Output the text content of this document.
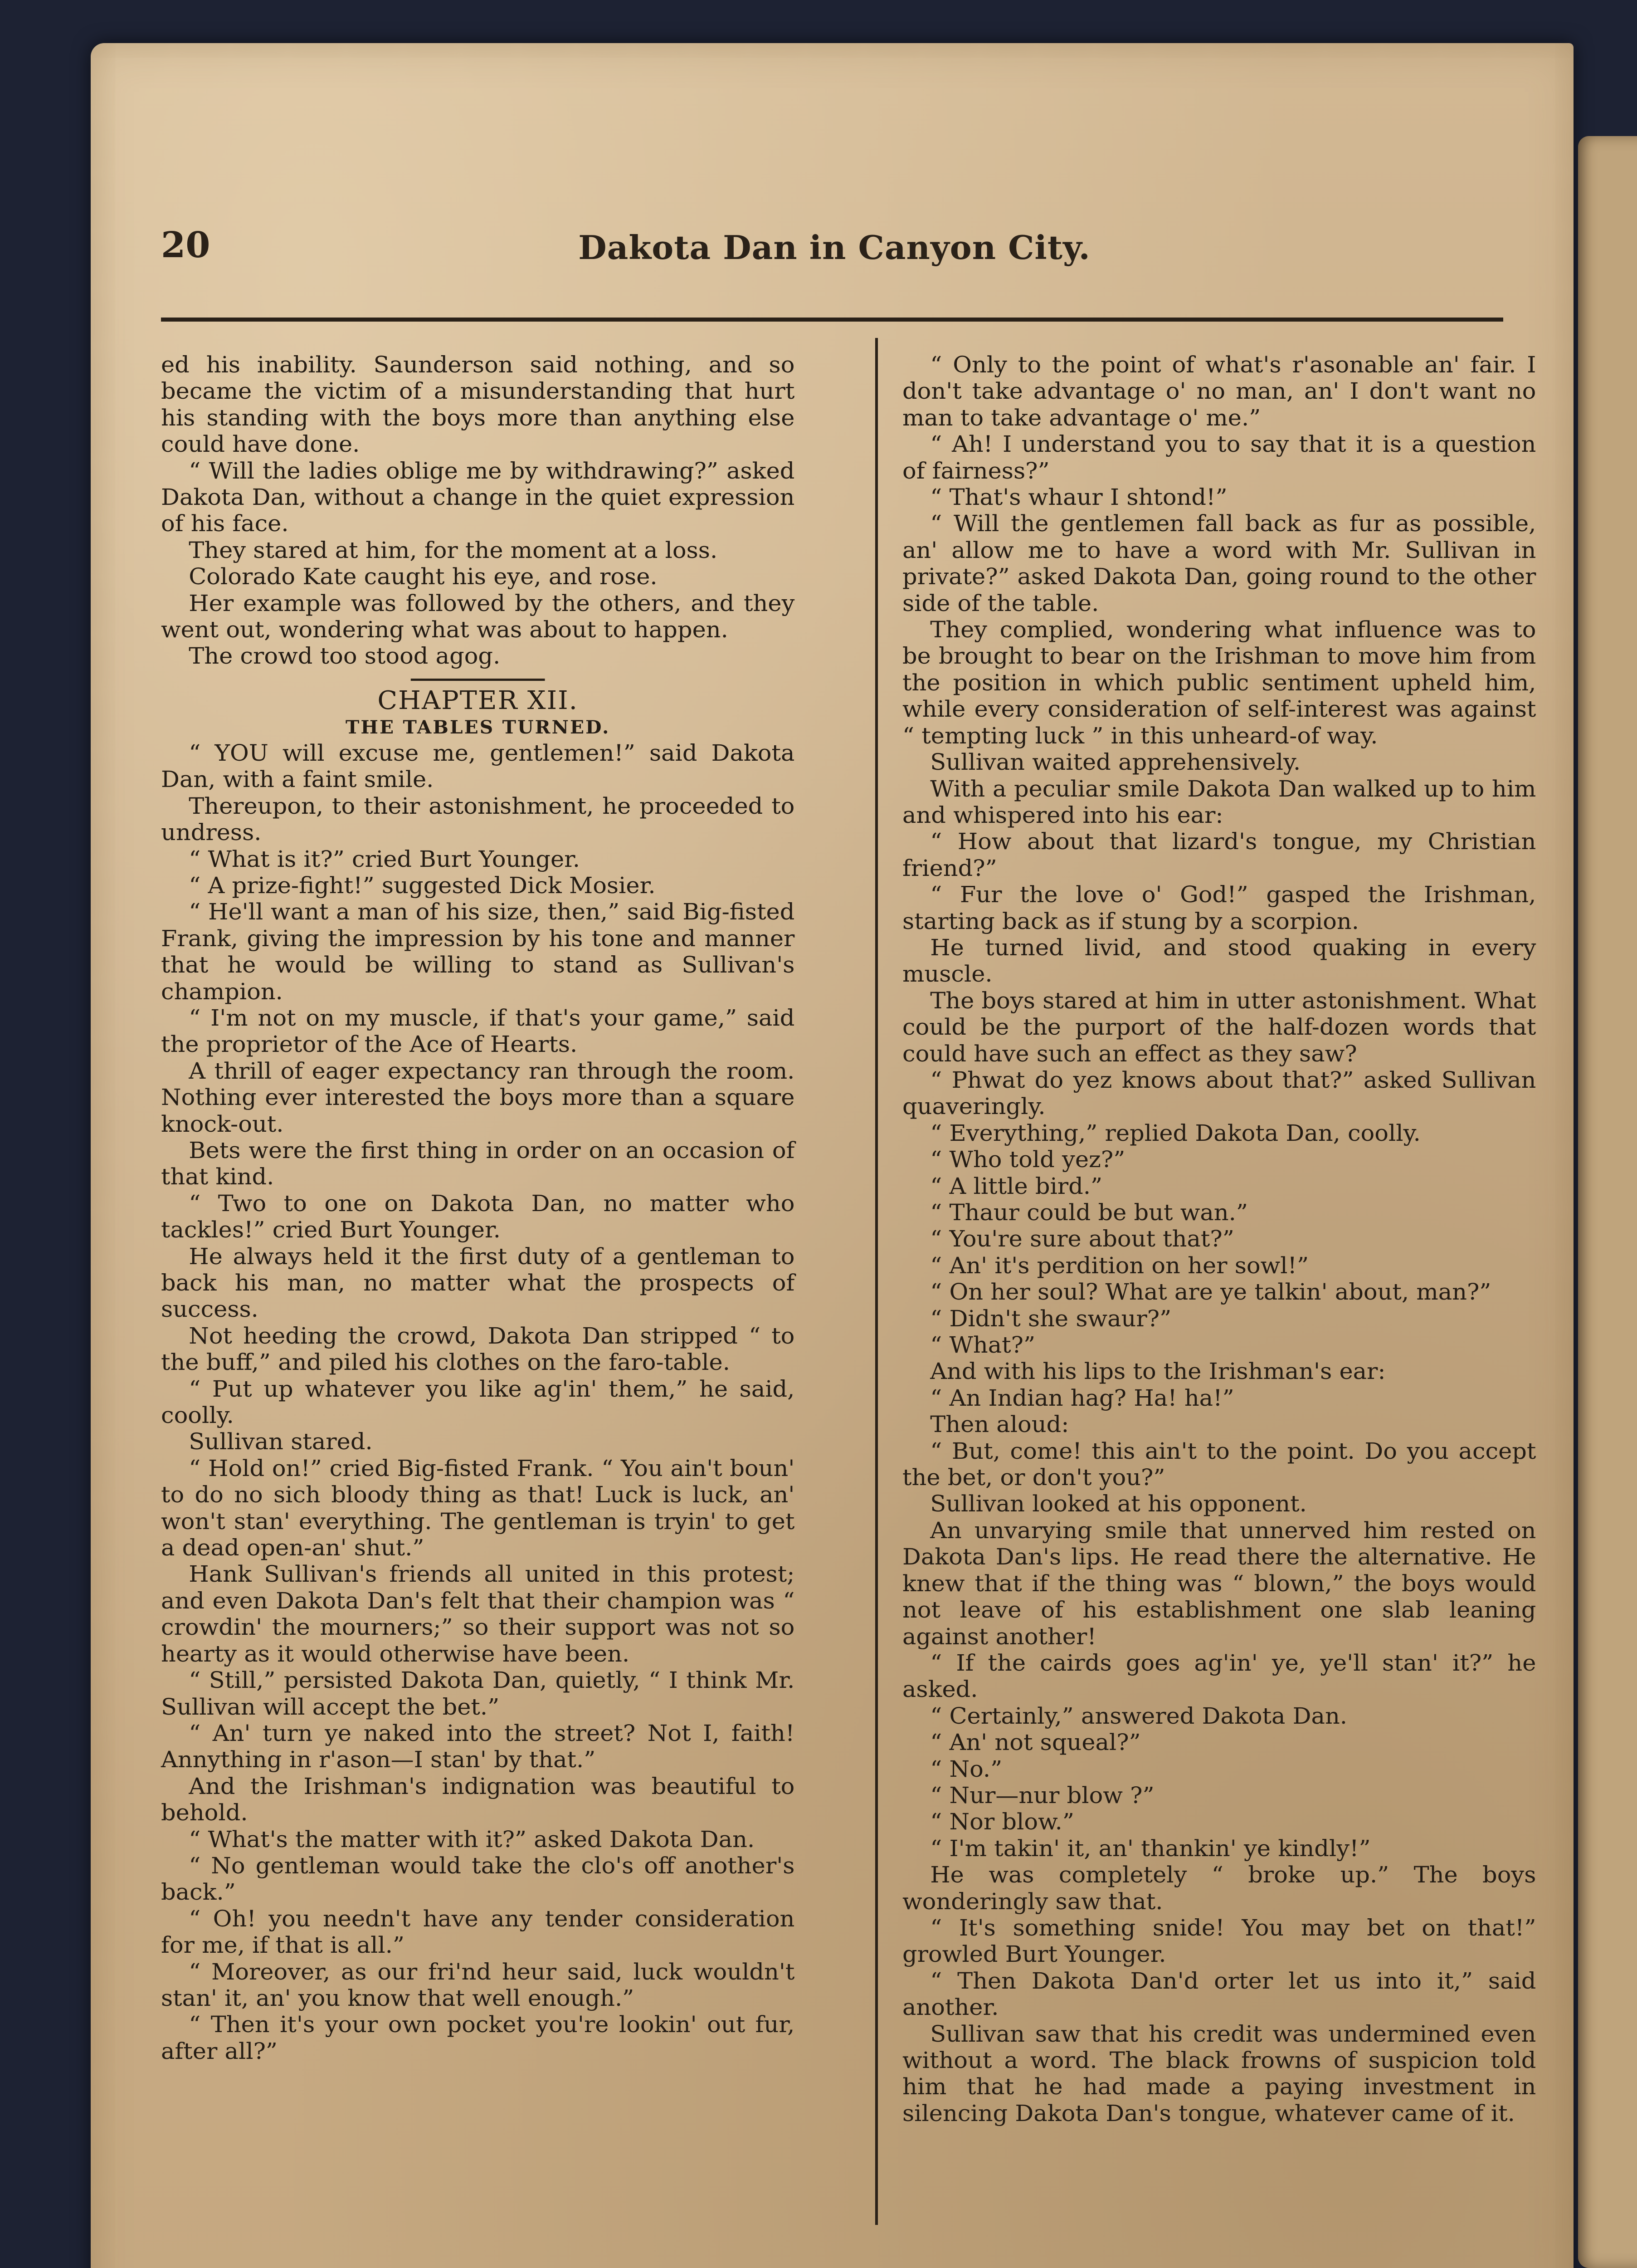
20	Dakota Dan in Canyon City.

ed his inability. Saunderson said nothing, and so became the victim of a misunderstanding that hurt his standing with the boys more than anything else could have done.

“ Will the ladies oblige me by withdrawing?” asked Dakota Dan, without a change in the quiet expression of his face.

They stared at him, for the moment at a loss.

Colorado Kate caught his eye, and rose.

Her example was followed by the others, and they went out, wondering what was about to happen.

The crowd too stood agog.

CHAPTER XII.

THE TABLES TURNED.

“ YOU will excuse me, gentlemen!” said Dakota Dan, with a faint smile.

Thereupon, to their astonishment, he proceeded to undress.

“ What is it?” cried Burt Younger.

“ A prize-fight!” suggested Dick Mosier.

“ He'll want a man of his size, then,” said Big-fisted Frank, giving the impression by his tone and manner that he would be willing to stand as Sullivan's champion.

“ I'm not on my muscle, if that's your game,” said the proprietor of the Ace of Hearts.

A thrill of eager expectancy ran through the room. Nothing ever interested the boys more than a square knock-out.

Bets were the first thing in order on an occasion of that kind.

“ Two to one on Dakota Dan, no matter who tackles!” cried Burt Younger.

He always held it the first duty of a gentleman to back his man, no matter what the prospects of success.

Not heeding the crowd, Dakota Dan stripped “ to the buff,” and piled his clothes on the faro-table.

“ Put up whatever you like ag'in' them,” he said, coolly.

Sullivan stared.

“ Hold on!” cried Big-fisted Frank. “ You ain't boun' to do no sich bloody thing as that! Luck is luck, an' won't stan' everything. The gentleman is tryin' to get a dead open-an' shut.”

Hank Sullivan's friends all united in this protest; and even Dakota Dan's felt that their champion was “ crowdin' the mourners;” so their support was not so hearty as it would otherwise have been.

“ Still,” persisted Dakota Dan, quietly, “ I think Mr. Sullivan will accept the bet.”

“ An' turn ye naked into the street? Not I, faith! Annything in r'ason—I stan' by that.”

And the Irishman's indignation was beautiful to behold.

“ What's the matter with it?” asked Dakota Dan.

“ No gentleman would take the clo's off another's back.”

“ Oh! you needn't have any tender consideration for me, if that is all.”

“ Moreover, as our fri'nd heur said, luck wouldn't stan' it, an' you know that well enough.”

“ Then it's your own pocket you're lookin' out fur, after all?”

“ Only to the point of what's r'asonable an' fair. I don't take advantage o' no man, an' I don't want no man to take advantage o' me.”

“ Ah! I understand you to say that it is a question of fairness?”

“ That's whaur I shtond!”

“ Will the gentlemen fall back as fur as possible, an' allow me to have a word with Mr. Sullivan in private?” asked Dakota Dan, going round to the other side of the table.

They complied, wondering what influence was to be brought to bear on the Irishman to move him from the position in which public sentiment upheld him, while every consideration of self-interest was against “ tempting luck ” in this unheard-of way.

Sullivan waited apprehensively.

With a peculiar smile Dakota Dan walked up to him and whispered into his ear:

“ How about that lizard's tongue, my Christian friend?”

“ Fur the love o' God!” gasped the Irishman, starting back as if stung by a scorpion.

He turned livid, and stood quaking in every muscle.

The boys stared at him in utter astonishment. What could be the purport of the half-dozen words that could have such an effect as they saw?

“ Phwat do yez knows about that?” asked Sullivan quaveringly.

“ Everything,” replied Dakota Dan, coolly.

“ Who told yez?”

“ A little bird.”

“ Thaur could be but wan.”

“ You're sure about that?”

“ An' it's perdition on her sowl!”

“ On her soul? What are ye talkin' about, man?”

“ Didn't she swaur?”

“ What?”

And with his lips to the Irishman's ear:

“ An Indian hag? Ha! ha!”

Then aloud:

“ But, come! this ain't to the point. Do you accept the bet, or don't you?”

Sullivan looked at his opponent.

An unvarying smile that unnerved him rested on Dakota Dan's lips. He read there the alternative. He knew that if the thing was “ blown,” the boys would not leave of his establishment one slab leaning against another!

“ If the cairds goes ag'in' ye, ye'll stan' it?” he asked.

“ Certainly,” answered Dakota Dan.

“ An' not squeal?”

“ No.”

“ Nur—nur blow ?”

“ Nor blow.”

“ I'm takin' it, an' thankin' ye kindly!”

He was completely “ broke up.” The boys wonderingly saw that.

“ It's something snide! You may bet on that!” growled Burt Younger.

“ Then Dakota Dan'd orter let us into it,” said another.

Sullivan saw that his credit was undermined even without a word. The black frowns of suspicion told him that he had made a paying investment in silencing Dakota Dan's tongue, whatever came of it.
